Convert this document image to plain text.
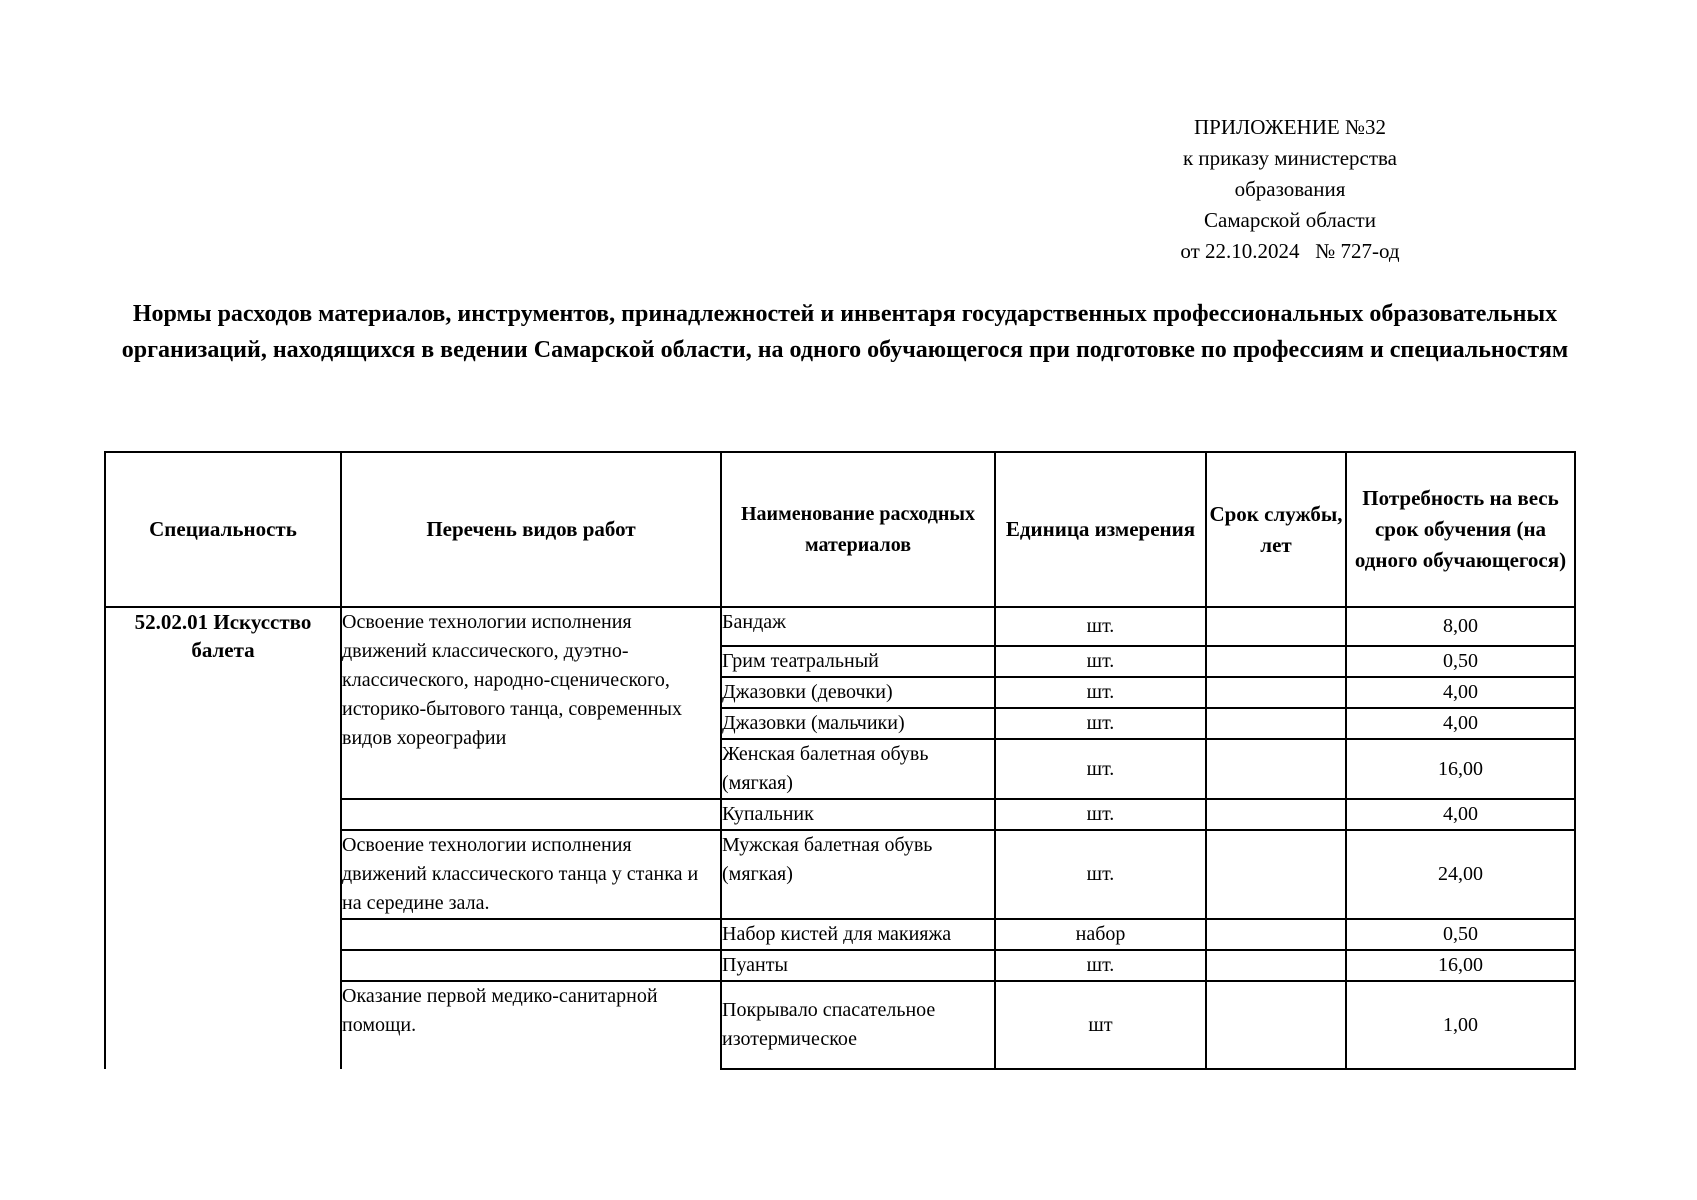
ПРИЛОЖЕНИЕ №32
к приказу министерства
образования
Самарской области
от 22.10.2024   № 727-од
Нормы расходов материалов, инструментов, принадлежностей и инвентаря государственных профессиональных образовательных организаций, находящихся в ведении Самарской области, на одного обучающегося при подготовке по профессиям и специальностям
Специальность	Перечень видов работ	Наименование расходных материалов	Единица измерения	Срок службы, лет	Потребность на весь срок обучения (на одного обучающегося)
52.02.01 Искусство балета	Освоение технологии исполнения движений классического, дуэтно-классического, народно-сценического, историко-бытового танца, современных видов хореографии	Бандаж	шт.		8,00
		Грим театральный	шт.		0,50
		Джазовки (девочки)	шт.		4,00
		Джазовки (мальчики)	шт.		4,00
		Женская балетная обувь (мягкая)	шт.		16,00
		Купальник	шт.		4,00
	Освоение технологии исполнения движений классического танца у станка и на середине зала.	Мужская балетная обувь (мягкая)	шт.		24,00
		Набор кистей для макияжа	набор		0,50
		Пуанты	шт.		16,00
	Оказание первой медико-санитарной помощи.	Покрывало спасательное изотермическое	шт		1,00
